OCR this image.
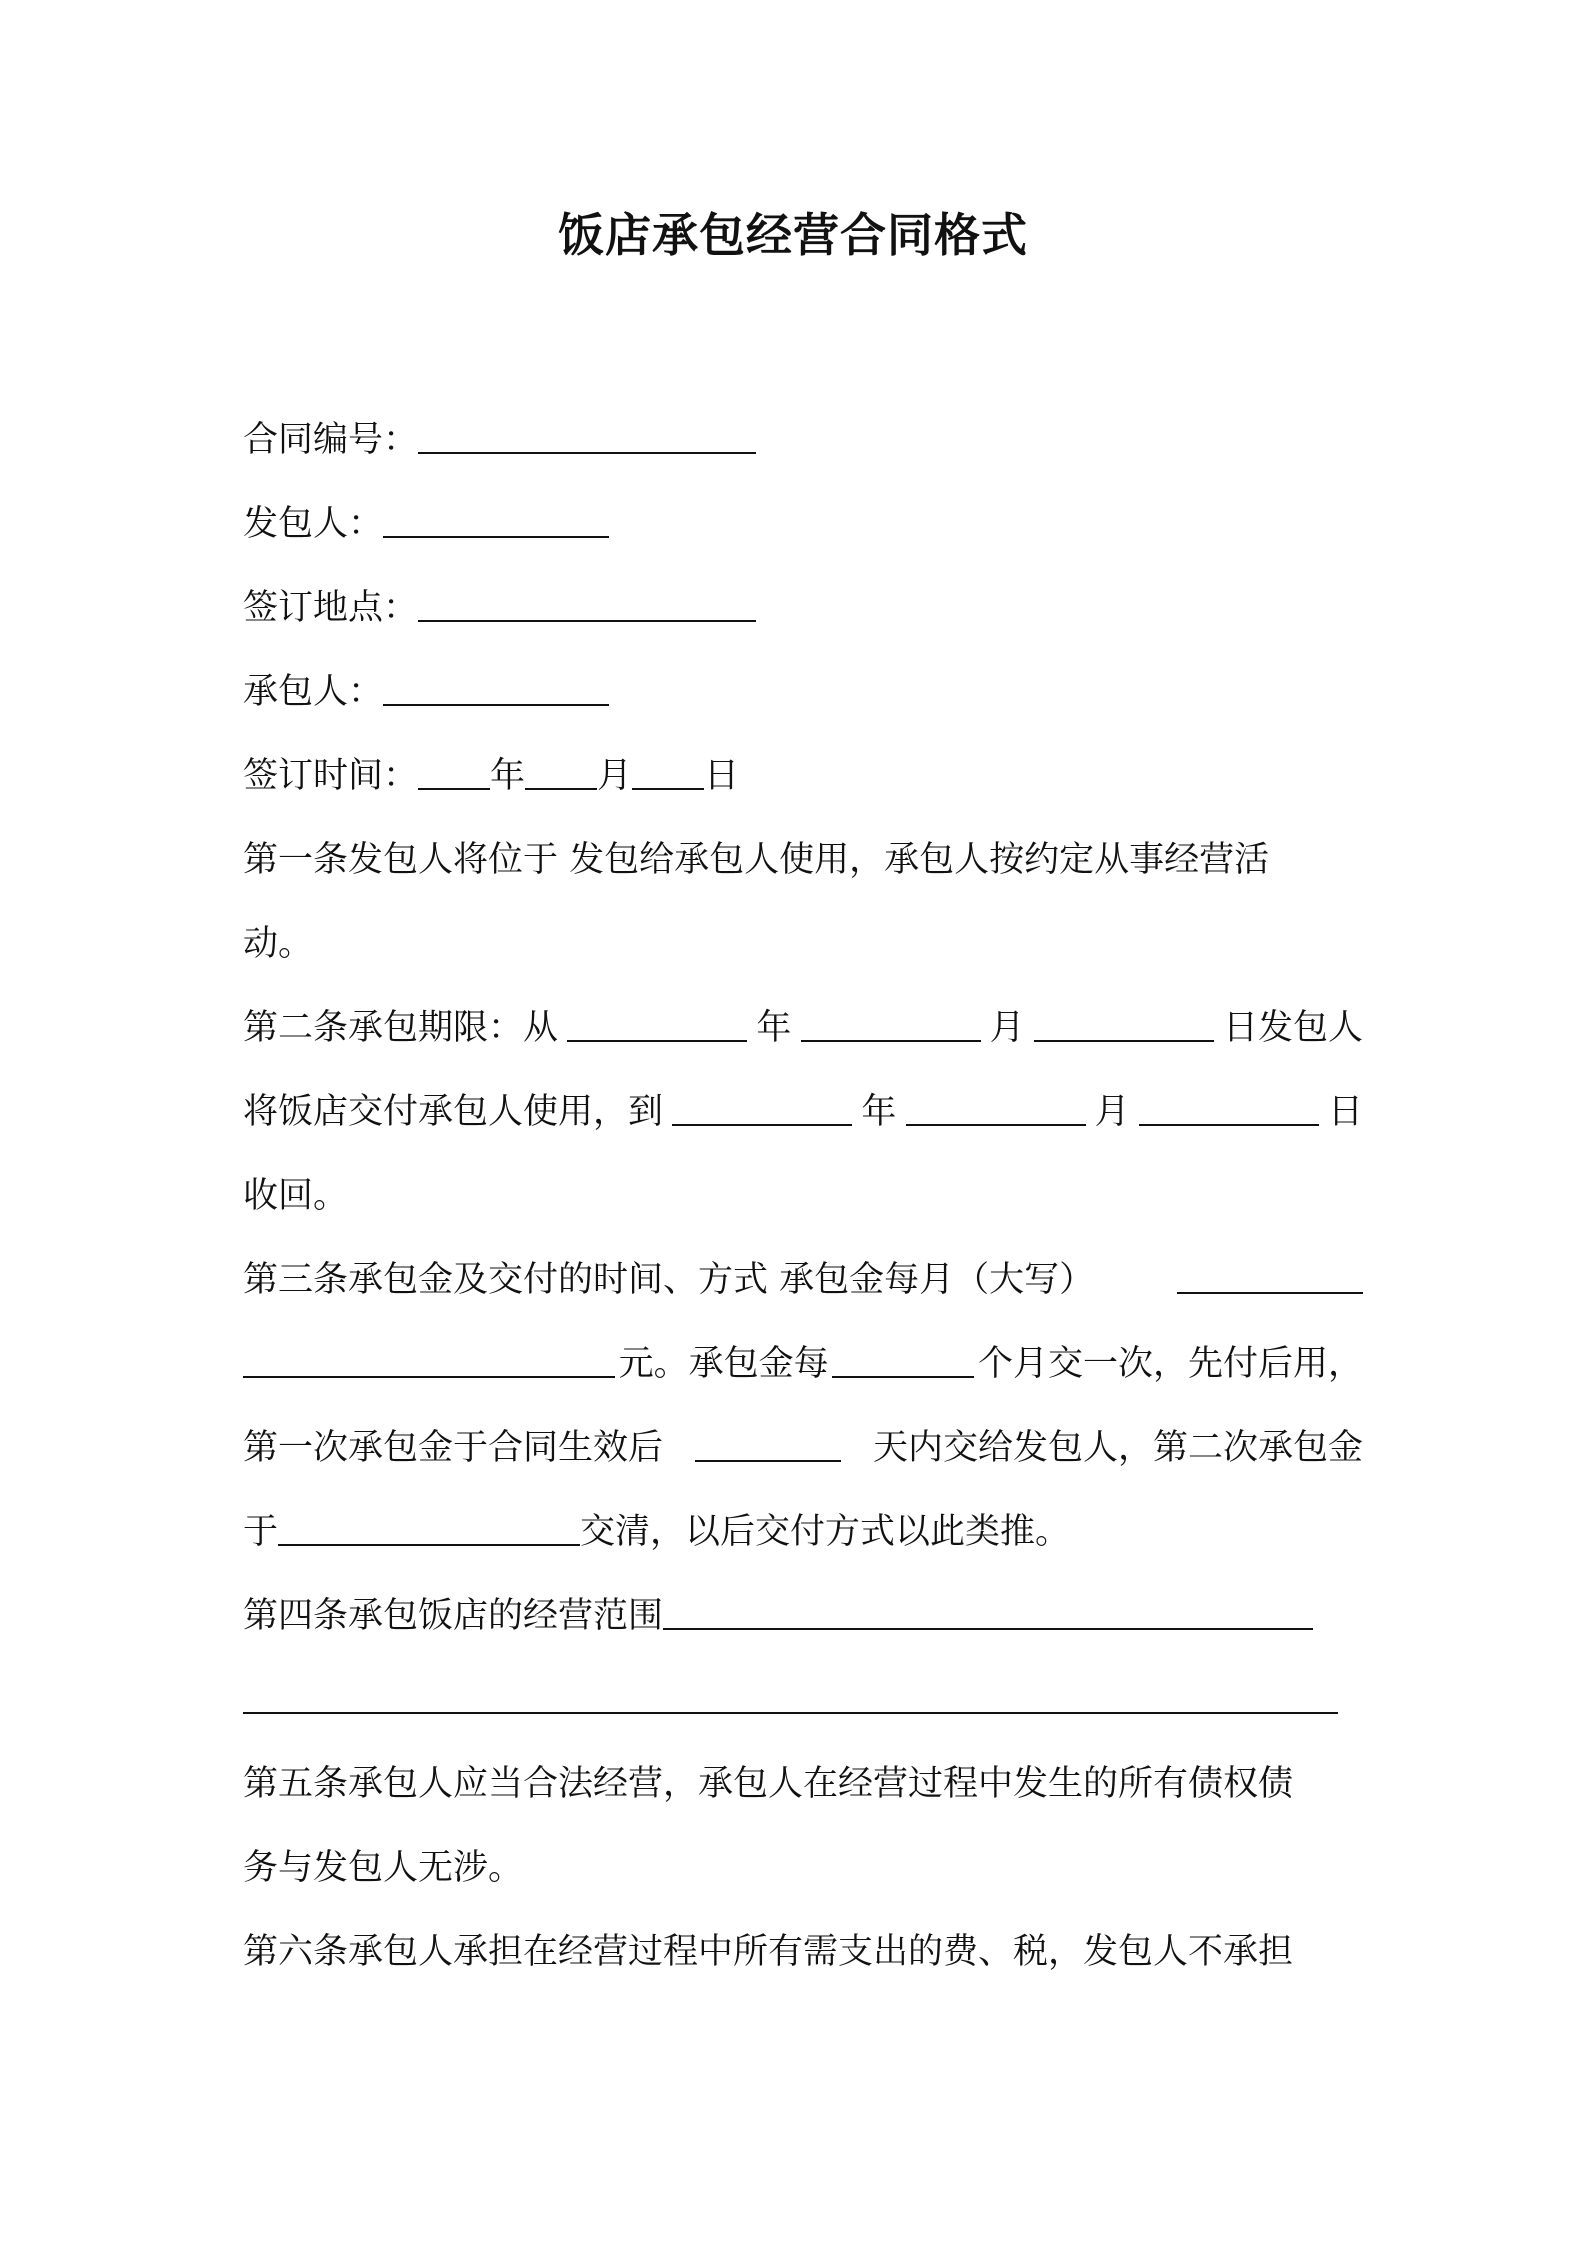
饭店承包经营合同格式
合同编号：
发包人：
签订地点：
承包人：
签订时间： 年 月 日
第一条发包人将位于 发包给承包人使用，承包人按约定从事经营活
动。
第二条承包期限：从	年	月	日发包人
将饭店交付承包人使用，到	年	月	日
收回。
第三条承包金及交付的时间、方式 承包金每月（大写）
元。承包金每	个月交一次，先付后用，
第一次承包金于合同生效后	天内交给发包人，第二次承包金
于	交清，以后交付方式以此类推。
第四条承包饭店的经营范围
第五条承包人应当合法经营，承包人在经营过程中发生的所有债权债
务与发包人无涉。
第六条承包人承担在经营过程中所有需支出的费、税，发包人不承担
